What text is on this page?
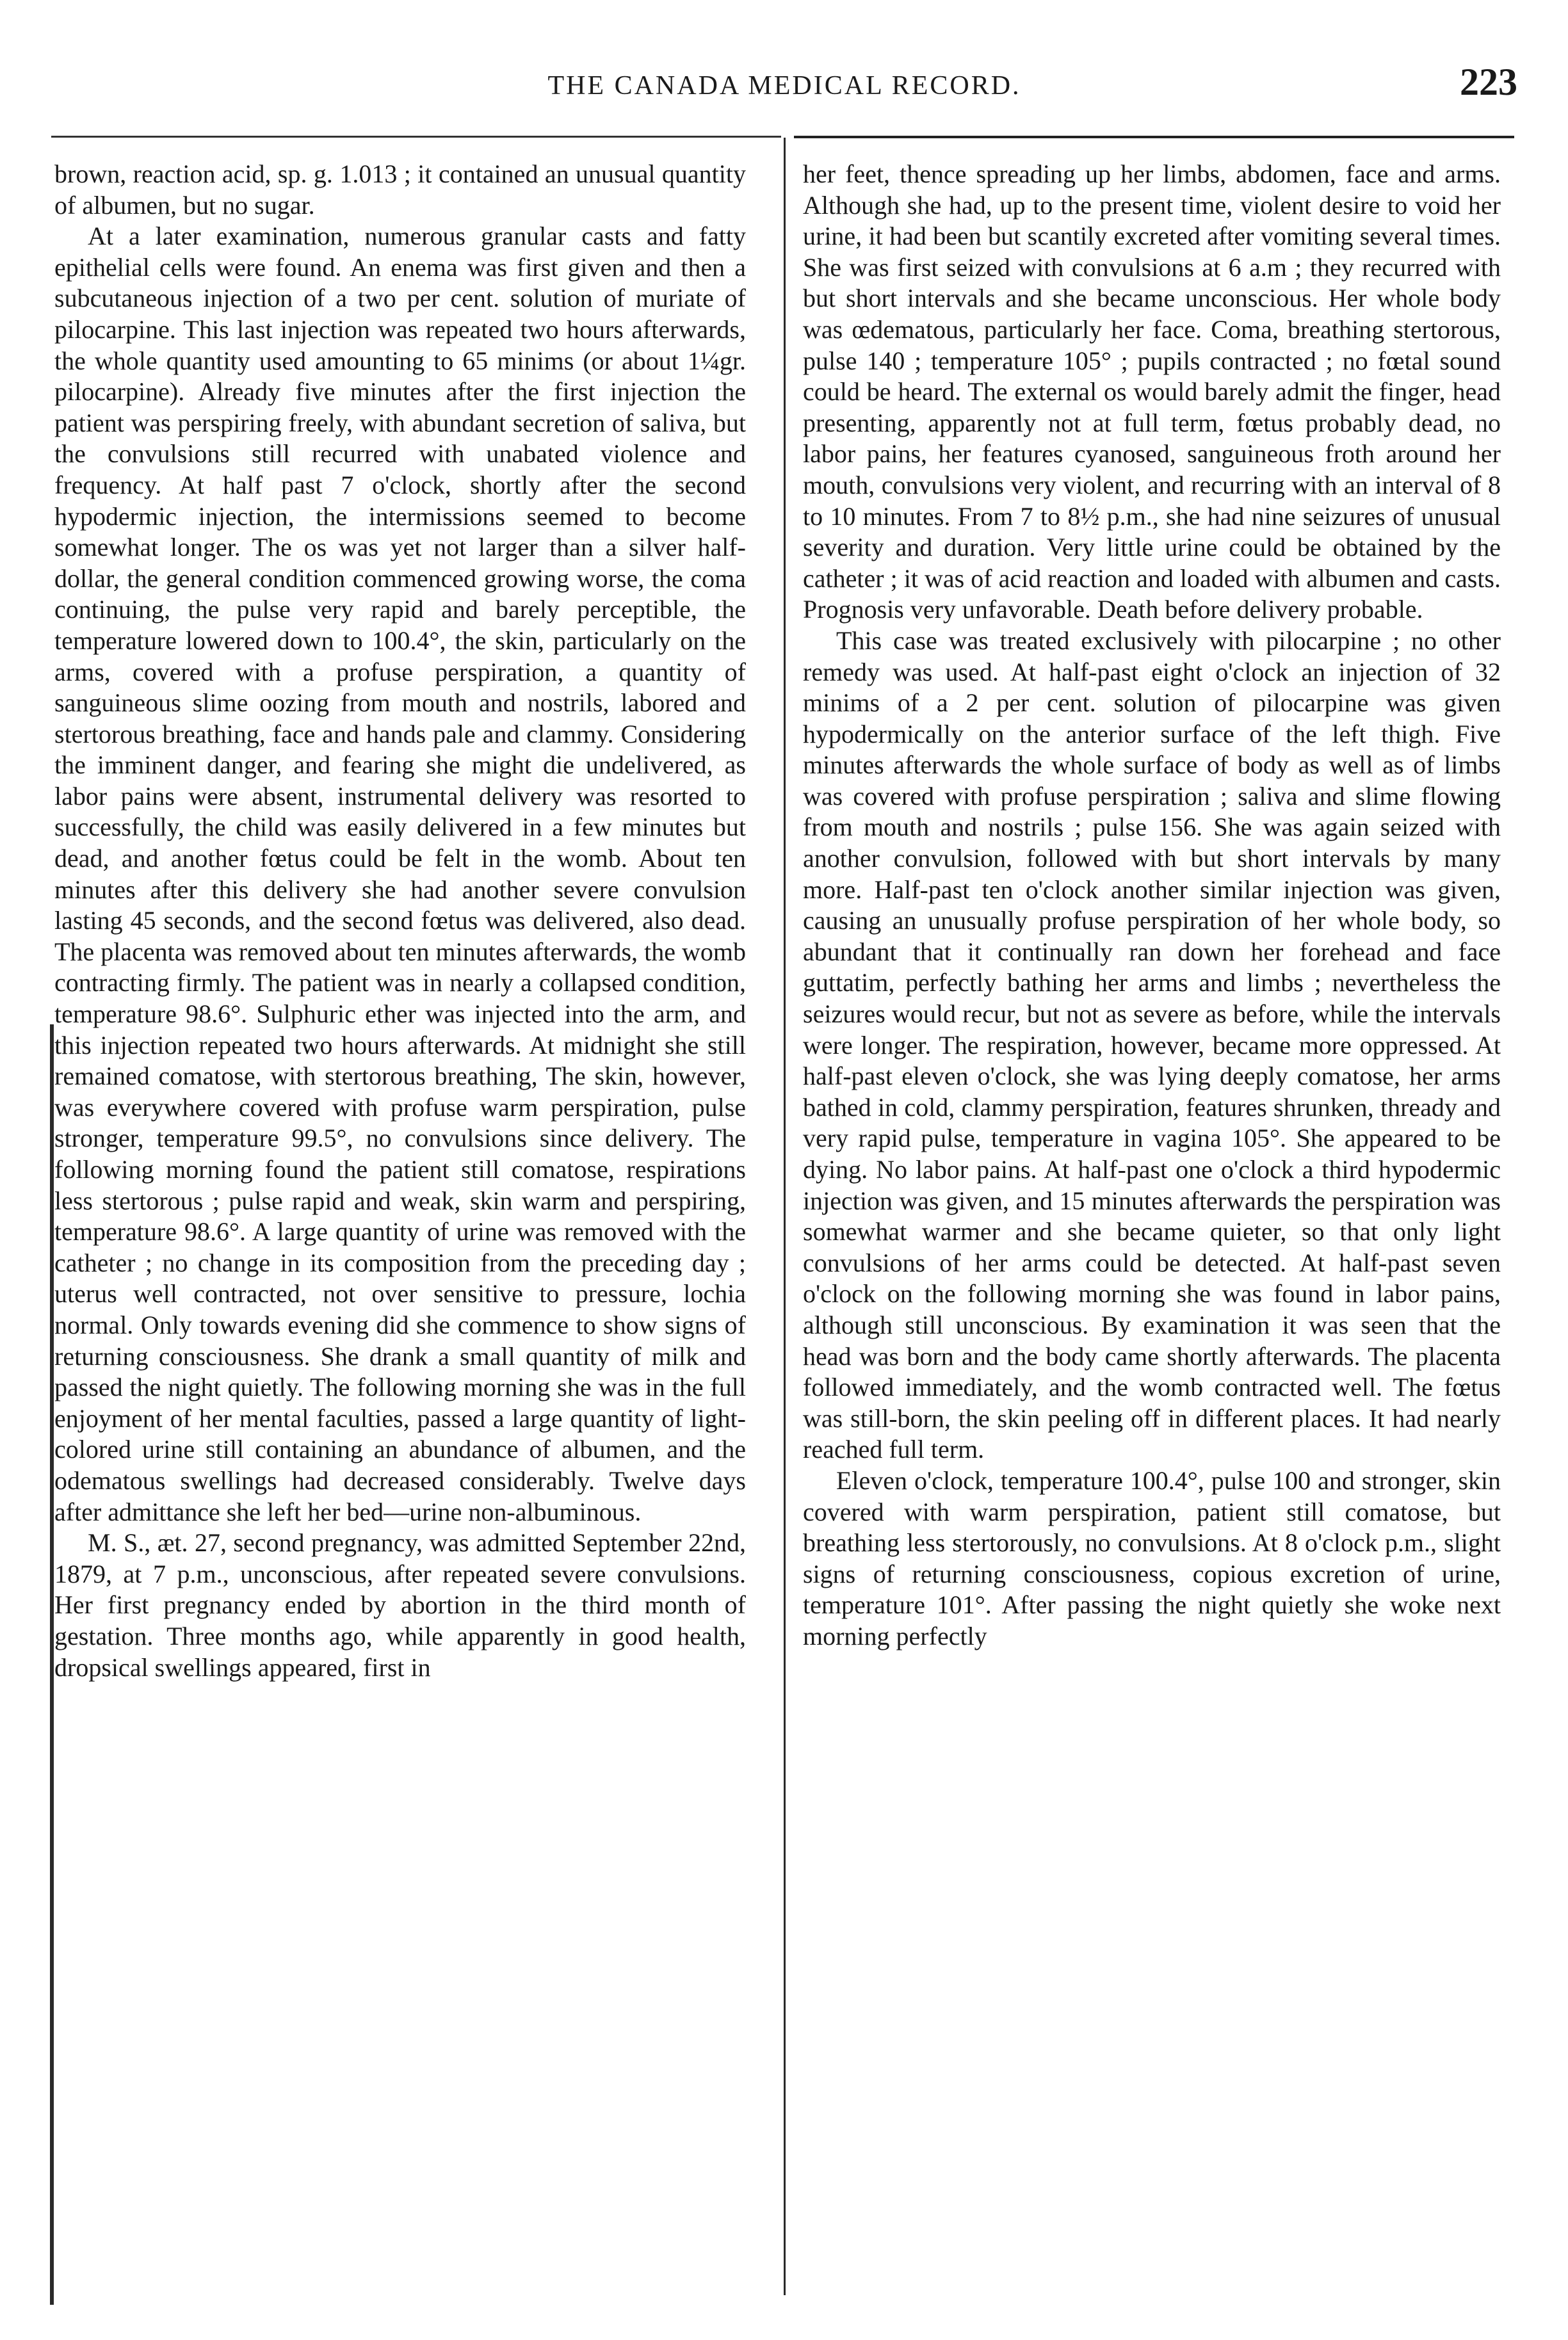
THE CANADA MEDICAL RECORD.	223

brown, reaction acid, sp. g. 1.013 ; it contained an unusual quantity of albumen, but no sugar.

At a later examination, numerous granular casts and fatty epithelial cells were found. An enema was first given and then a subcutaneous injection of a two per cent. solution of muriate of pilocarpine. This last injection was repeated two hours afterwards, the whole quantity used amounting to 65 minims (or about 1¼gr. pilocarpine). Already five minutes after the first injection the patient was perspiring freely, with abundant secretion of saliva, but the convulsions still recurred with unabated violence and frequency. At half past 7 o'clock, shortly after the second hypodermic injection, the intermissions seemed to become somewhat longer. The os was yet not larger than a silver half-dollar, the general condition commenced growing worse, the coma continuing, the pulse very rapid and barely perceptible, the temperature lowered down to 100.4°, the skin, particularly on the arms, covered with a profuse perspiration, a quantity of sanguineous slime oozing from mouth and nostrils, labored and stertorous breathing, face and hands pale and clammy. Considering the imminent danger, and fearing she might die undelivered, as labor pains were absent, instrumental delivery was resorted to successfully, the child was easily delivered in a few minutes but dead, and another fœtus could be felt in the womb. About ten minutes after this delivery she had another severe convulsion lasting 45 seconds, and the second fœtus was delivered, also dead. The placenta was removed about ten minutes afterwards, the womb contracting firmly. The patient was in nearly a collapsed condition, temperature 98.6°. Sulphuric ether was injected into the arm, and this injection repeated two hours afterwards. At midnight she still remained comatose, with stertorous breathing, The skin, however, was everywhere covered with profuse warm perspiration, pulse stronger, temperature 99.5°, no convulsions since delivery. The following morning found the patient still comatose, respirations less stertorous ; pulse rapid and weak, skin warm and perspiring, temperature 98.6°. A large quantity of urine was removed with the catheter ; no change in its composition from the preceding day ; uterus well contracted, not over sensitive to pressure, lochia normal. Only towards evening did she commence to show signs of returning consciousness. She drank a small quantity of milk and passed the night quietly. The following morning she was in the full enjoyment of her mental faculties, passed a large quantity of light-colored urine still containing an abundance of albumen, and the odematous swellings had decreased considerably. Twelve days after admittance she left her bed—urine non-albuminous.

M. S., æt. 27, second pregnancy, was admitted September 22nd, 1879, at 7 p.m., unconscious, after repeated severe convulsions. Her first pregnancy ended by abortion in the third month of gestation. Three months ago, while apparently in good health, dropsical swellings appeared, first in

her feet, thence spreading up her limbs, abdomen, face and arms. Although she had, up to the present time, violent desire to void her urine, it had been but scantily excreted after vomiting several times. She was first seized with convulsions at 6 a.m ; they recurred with but short intervals and she became unconscious. Her whole body was œdematous, particularly her face. Coma, breathing stertorous, pulse 140 ; temperature 105° ; pupils contracted ; no fœtal sound could be heard. The external os would barely admit the finger, head presenting, apparently not at full term, fœtus probably dead, no labor pains, her features cyanosed, sanguineous froth around her mouth, convulsions very violent, and recurring with an interval of 8 to 10 minutes. From 7 to 8½ p.m., she had nine seizures of unusual severity and duration. Very little urine could be obtained by the catheter ; it was of acid reaction and loaded with albumen and casts. Prognosis very unfavorable. Death before delivery probable.

This case was treated exclusively with pilocarpine ; no other remedy was used. At half-past eight o'clock an injection of 32 minims of a 2 per cent. solution of pilocarpine was given hypodermically on the anterior surface of the left thigh. Five minutes afterwards the whole surface of body as well as of limbs was covered with profuse perspiration ; saliva and slime flowing from mouth and nostrils ; pulse 156. She was again seized with another convulsion, followed with but short intervals by many more. Half-past ten o'clock another similar injection was given, causing an unusually profuse perspiration of her whole body, so abundant that it continually ran down her forehead and face guttatim, perfectly bathing her arms and limbs ; nevertheless the seizures would recur, but not as severe as before, while the intervals were longer. The respiration, however, became more oppressed. At half-past eleven o'clock, she was lying deeply comatose, her arms bathed in cold, clammy perspiration, features shrunken, thready and very rapid pulse, temperature in vagina 105°. She appeared to be dying. No labor pains. At half-past one o'clock a third hypodermic injection was given, and 15 minutes afterwards the perspiration was somewhat warmer and she became quieter, so that only light convulsions of her arms could be detected. At half-past seven o'clock on the following morning she was found in labor pains, although still unconscious. By examination it was seen that the head was born and the body came shortly afterwards. The placenta followed immediately, and the womb contracted well. The fœtus was still-born, the skin peeling off in different places. It had nearly reached full term.

Eleven o'clock, temperature 100.4°, pulse 100 and stronger, skin covered with warm perspiration, patient still comatose, but breathing less stertorously, no convulsions. At 8 o'clock p.m., slight signs of returning consciousness, copious excretion of urine, temperature 101°. After passing the night quietly she woke next morning perfectly
